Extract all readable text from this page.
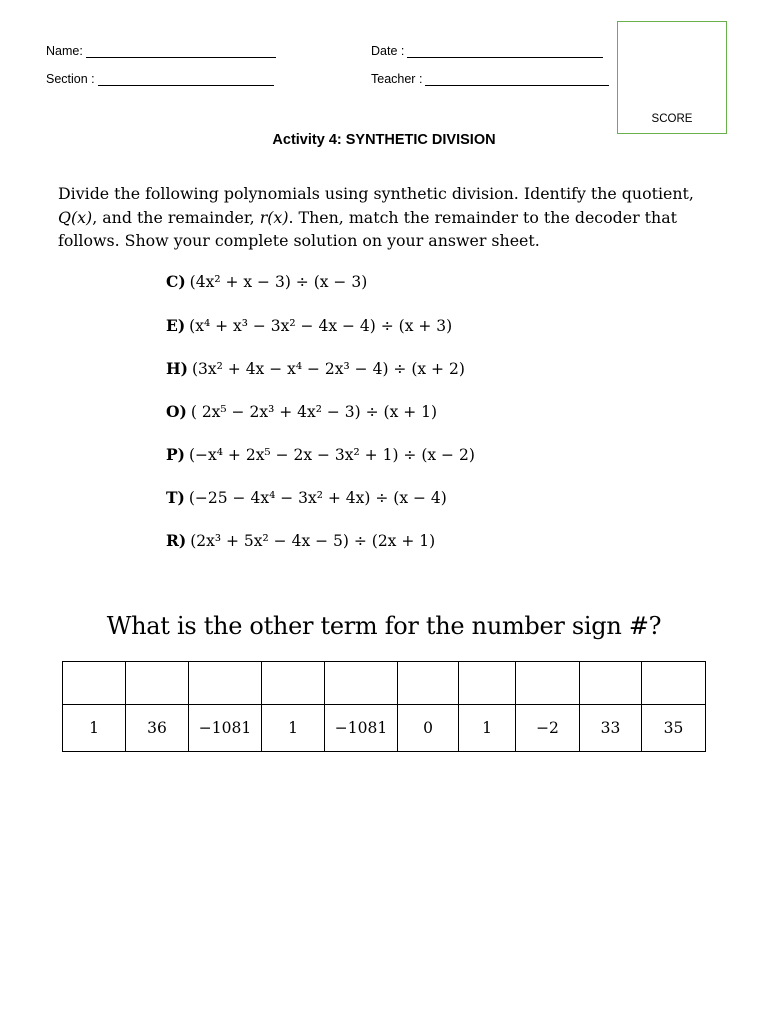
Name:
Section :
Date :
Teacher :
SCORE
Activity 4: SYNTHETIC DIVISION
Divide the following polynomials using synthetic division. Identify the quotient,
Q(x), and the remainder, r(x). Then, match the remainder to the decoder that
follows. Show your complete solution on your answer sheet.
C) (4x² + x − 3) ÷ (x − 3)
E) (x⁴ + x³ − 3x² − 4x − 4) ÷ (x + 3)
H) (3x² + 4x − x⁴ − 2x³ − 4) ÷ (x + 2)
O) ( 2x⁵ − 2x³ + 4x² − 3) ÷ (x + 1)
P) (−x⁴ + 2x⁵ − 2x − 3x² + 1) ÷ (x − 2)
T) (−25 − 4x⁴ − 3x² + 4x) ÷ (x − 4)
R) (2x³ + 5x² − 4x − 5) ÷ (2x + 1)
What is the other term for the number sign #?

1	36	−1081	1	−1081	0	1	−2	33	35
